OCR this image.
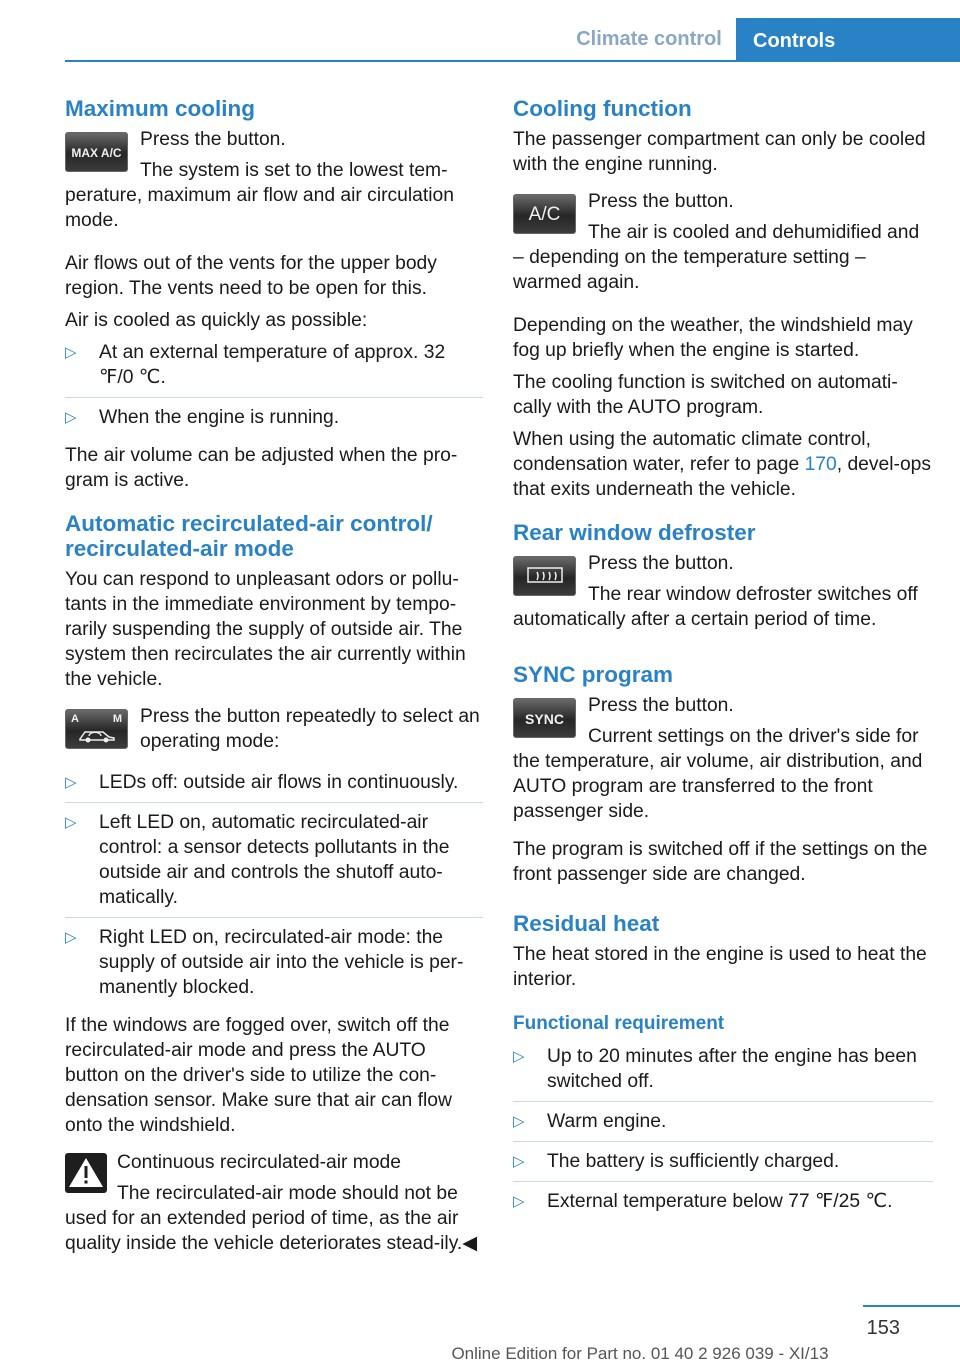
Climate control	Controls
Maximum cooling
MAX A/C

Press the button.

The system is set to the lowest tem‐perature, maximum air flow and air circulation mode.

Air flows out of the vents for the upper body region. The vents need to be open for this.

Air is cooled as quickly as possible:

▷ At an external temperature of approx. 32 ℉/0 ℃.
▷ When the engine is running.

The air volume can be adjusted when the pro‐gram is active.

Automatic recirculated-air control/ recirculated-air mode

You can respond to unpleasant odors or pollu‐tants in the immediate environment by tempo‐rarily suspending the supply of outside air. The system then recirculates the air currently within the vehicle.

A	M Press the button repeatedly to select an operating mode:

▷ LEDs off: outside air flows in continuously.
▷ Left LED on, automatic recirculated-air control: a sensor detects pollutants in the outside air and controls the shutoff auto‐matically.
▷ Right LED on, recirculated-air mode: the supply of outside air into the vehicle is per‐manently blocked.

If the windows are fogged over, switch off the recirculated-air mode and press the AUTO button on the driver's side to utilize the con‐densation sensor. Make sure that air can flow onto the windshield.

Continuous recirculated-air mode

The recirculated-air mode should not be used for an extended period of time, as the air quality inside the vehicle deteriorates stead‐ily.◀

Cooling function

The passenger compartment can only be cooled with the engine running.

A/C

Press the button.

The air is cooled and dehumidified and – depending on the temperature setting – warmed again.

Depending on the weather, the windshield may fog up briefly when the engine is started.

The cooling function is switched on automati‐cally with the AUTO program.

When using the automatic climate control, condensation water, refer to page 170, devel‐ops that exits underneath the vehicle.

Rear window defroster

Press the button.

The rear window defroster switches off automatically after a certain period of time.

SYNC program
SYNC

Press the button.

Current settings on the driver's side for the temperature, air volume, air distribution, and AUTO program are transferred to the front passenger side.

The program is switched off if the settings on the front passenger side are changed.

Residual heat

The heat stored in the engine is used to heat the interior.

Functional requirement
▷ Up to 20 minutes after the engine has been switched off.
▷ Warm engine.
▷ The battery is sufficiently charged.
▷ External temperature below 77 ℉/25 ℃.
153
Online Edition for Part no. 01 40 2 926 039 - XI/13
